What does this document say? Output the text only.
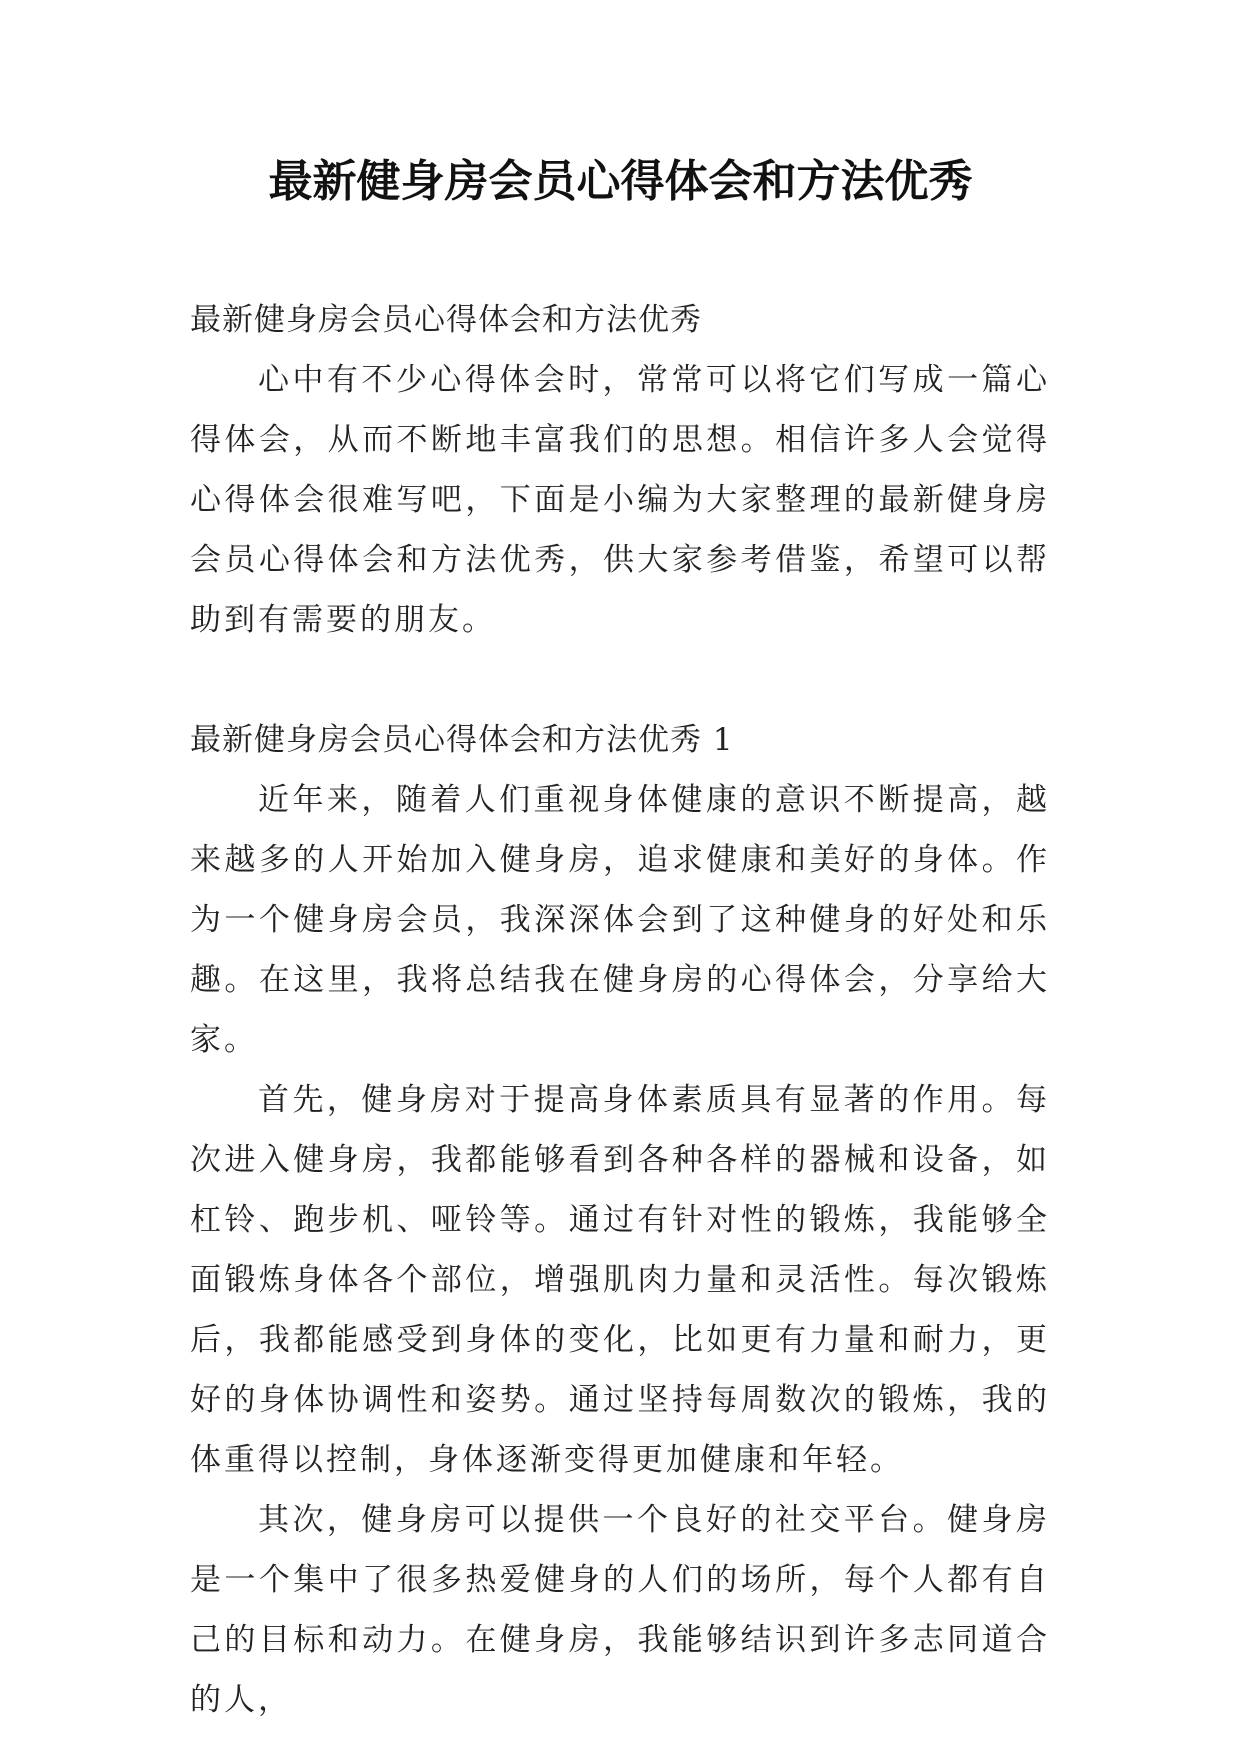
最新健身房会员心得体会和方法优秀

最新健身房会员心得体会和方法优秀

心中有不少心得体会时，常常可以将它们写成一篇心得体会，从而不断地丰富我们的思想。相信许多人会觉得心得体会很难写吧，下面是小编为大家整理的最新健身房会员心得体会和方法优秀，供大家参考借鉴，希望可以帮助到有需要的朋友。

最新健身房会员心得体会和方法优秀 1

近年来，随着人们重视身体健康的意识不断提高，越来越多的人开始加入健身房，追求健康和美好的身体。作为一个健身房会员，我深深体会到了这种健身的好处和乐趣。在这里，我将总结我在健身房的心得体会，分享给大家。

首先，健身房对于提高身体素质具有显著的作用。每次进入健身房，我都能够看到各种各样的器械和设备，如杠铃、跑步机、哑铃等。通过有针对性的锻炼，我能够全面锻炼身体各个部位，增强肌肉力量和灵活性。每次锻炼后，我都能感受到身体的变化，比如更有力量和耐力，更好的身体协调性和姿势。通过坚持每周数次的锻炼，我的体重得以控制，身体逐渐变得更加健康和年轻。

其次，健身房可以提供一个良好的社交平台。健身房是一个集中了很多热爱健身的人们的场所，每个人都有自己的目标和动力。在健身房，我能够结识到许多志同道合的人，
